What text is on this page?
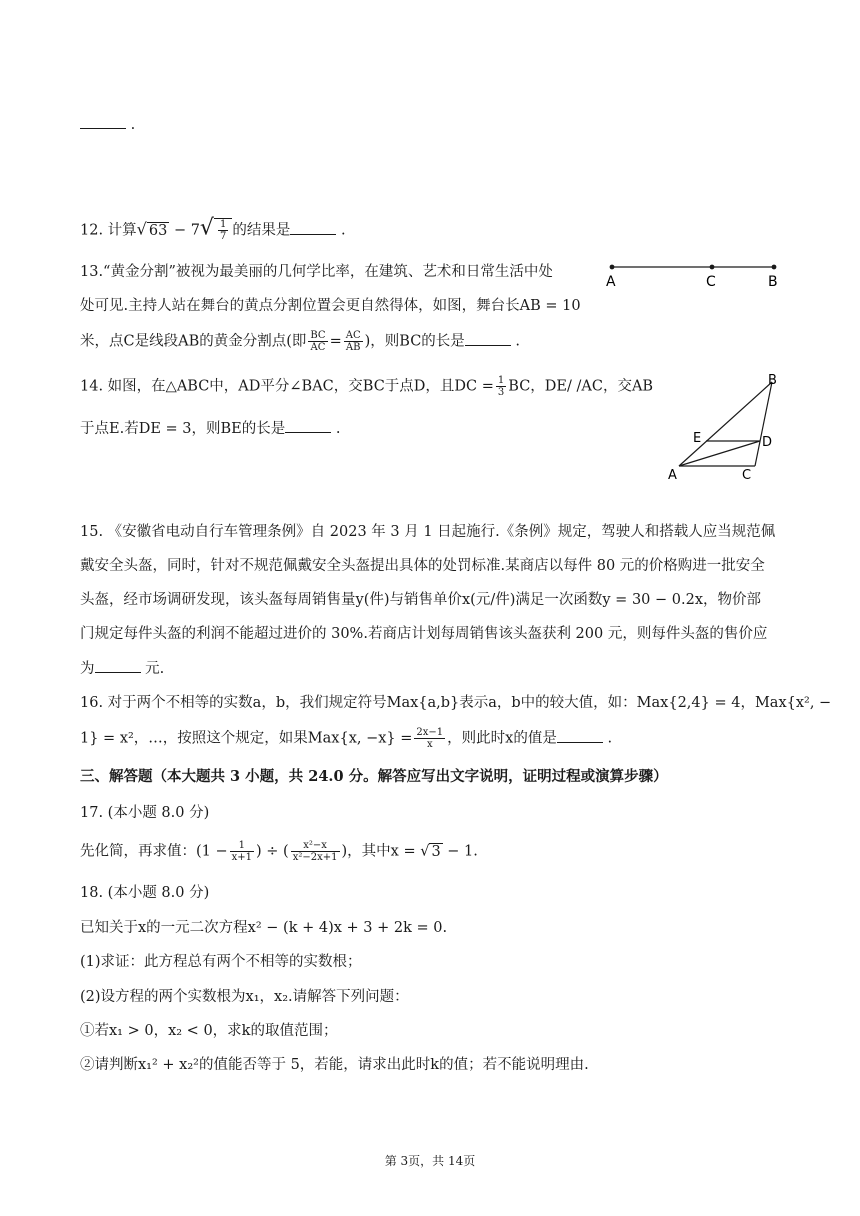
.
12. 计算√ $63 - 7√ \frac{1}{7}$ 的结果是	.
13.“黄金分割”被视为最美丽的几何学比率，在建筑、艺术和日常生活中处
处可见.主持人站在舞台的黄点分割位置会更自然得体，如图，舞台长AB = 10
米，点C是线段AB的黄金分割点(即 $\frac{BC}{AC} = \frac{AC}{AB}$ )，则BC的长是	.
A	C	B
14. 如图，在△ABC中，AD平分∠BAC，交BC于点D，且DC = $\frac{1}{3}$ BC，DE/ /AC，交AB
于点E.若DE = 3，则BE的长是	.
B
E	D
A	C
15. 《安徽省电动自行车管理条例》自 2023 年 3 月 1 日起施行.《条例》规定，驾驶人和搭载人应当规范佩
戴安全头盔，同时，针对不规范佩戴安全头盔提出具体的处罚标准.某商店以每件 80 元的价格购进一批安全
头盔，经市场调研发现，该头盔每周销售量y(件)与销售单价x(元/件)满足一次函数y = 30 − 0.2x，物价部
门规定每件头盔的利润不能超过进价的 30%.若商店计划每周销售该头盔获利 200 元，则每件头盔的售价应
为	元.
16. 对于两个不相等的实数a，b，我们规定符号Max{a,b}表示a，b中的较大值，如：Max{2,4} = 4，Max{x², −
1} = x²，…，按照这个规定，如果Max{x, $-x\} = \frac{2x-1}{x}$ ，则此时x的值是	.
三、解答题（本大题共 3 小题，共 24.0 分。解答应写出文字说明，证明过程或演算步骤）
17. (本小题 8.0 分)
先化简，再求值：($1 - \frac{1}{x+1}$ ) ÷ ( $\frac{\text{x²−x}}{\text{x²−2x+1}}$ )，其中x = √ 3 − 1.
18. (本小题 8.0 分)
已知关于x的一元二次方程x² − (k + 4)x + 3 + 2k = 0.
(1)求证：此方程总有两个不相等的实数根；
(2)设方程的两个实数根为x₁，x₂.请解答下列问题：
①若x₁ > 0，x₂ < 0，求k的取值范围；
②请判断x₁² + x₂²的值能否等于 5，若能，请求出此时k的值；若不能说明理由.
第 3页，共 14页
